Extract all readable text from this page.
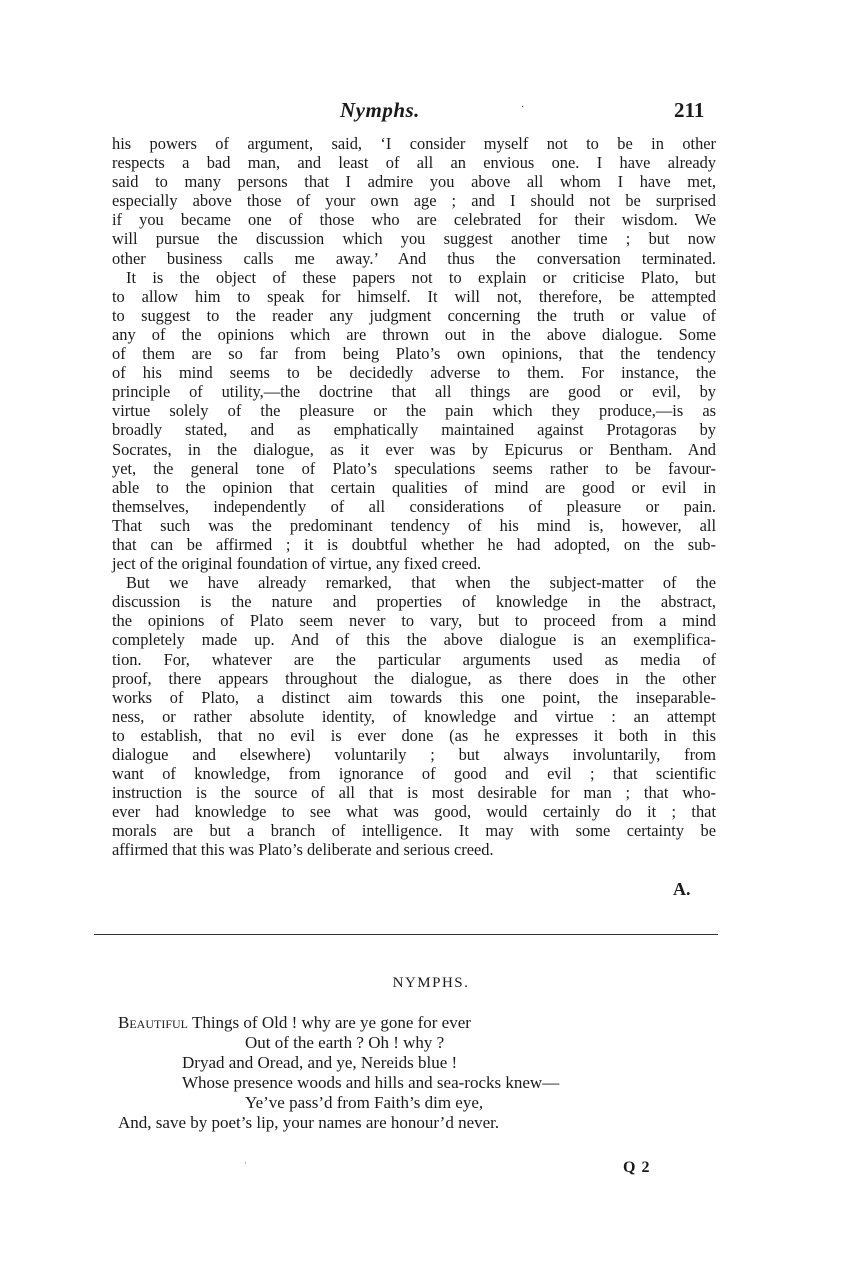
Nymphs.	·	211
his powers of argument, said, ‘I consider myself not to be in other
respects a bad man, and least of all an envious one. I have already
said to many persons that I admire you above all whom I have met,
especially above those of your own age ; and I should not be surprised
if you became one of those who are celebrated for their wisdom. We
will pursue the discussion which you suggest another time ; but now
other business calls me away.’ And thus the conversation terminated.
It is the object of these papers not to explain or criticise Plato, but
to allow him to speak for himself. It will not, therefore, be attempted
to suggest to the reader any judgment concerning the truth or value of
any of the opinions which are thrown out in the above dialogue. Some
of them are so far from being Plato’s own opinions, that the tendency
of his mind seems to be decidedly adverse to them. For instance, the
principle of utility,—the doctrine that all things are good or evil, by
virtue solely of the pleasure or the pain which they produce,—is as
broadly stated, and as emphatically maintained against Protagoras by
Socrates, in the dialogue, as it ever was by Epicurus or Bentham. And
yet, the general tone of Plato’s speculations seems rather to be favour-
able to the opinion that certain qualities of mind are good or evil in
themselves, independently of all considerations of pleasure or pain.
That such was the predominant tendency of his mind is, however, all
that can be affirmed ; it is doubtful whether he had adopted, on the sub-
ject of the original foundation of virtue, any fixed creed.
But we have already remarked, that when the subject-matter of the
discussion is the nature and properties of knowledge in the abstract,
the opinions of Plato seem never to vary, but to proceed from a mind
completely made up. And of this the above dialogue is an exemplifica-
tion. For, whatever are the particular arguments used as media of
proof, there appears throughout the dialogue, as there does in the other
works of Plato, a distinct aim towards this one point, the inseparable-
ness, or rather absolute identity, of knowledge and virtue : an attempt
to establish, that no evil is ever done (as he expresses it both in this
dialogue and elsewhere) voluntarily ; but always involuntarily, from
want of knowledge, from ignorance of good and evil ; that scientific
instruction is the source of all that is most desirable for man ; that who-
ever had knowledge to see what was good, would certainly do it ; that
morals are but a branch of intelligence. It may with some certainty be
affirmed that this was Plato’s deliberate and serious creed.
A.
NYMPHS.
Beautiful Things of Old ! why are ye gone for ever
Out of the earth ? Oh ! why ?
Dryad and Oread, and ye, Nereids blue !
Whose presence woods and hills and sea-rocks knew—
Ye’ve pass’d from Faith’s dim eye,
And, save by poet’s lip, your names are honour’d never.
·	Q 2
